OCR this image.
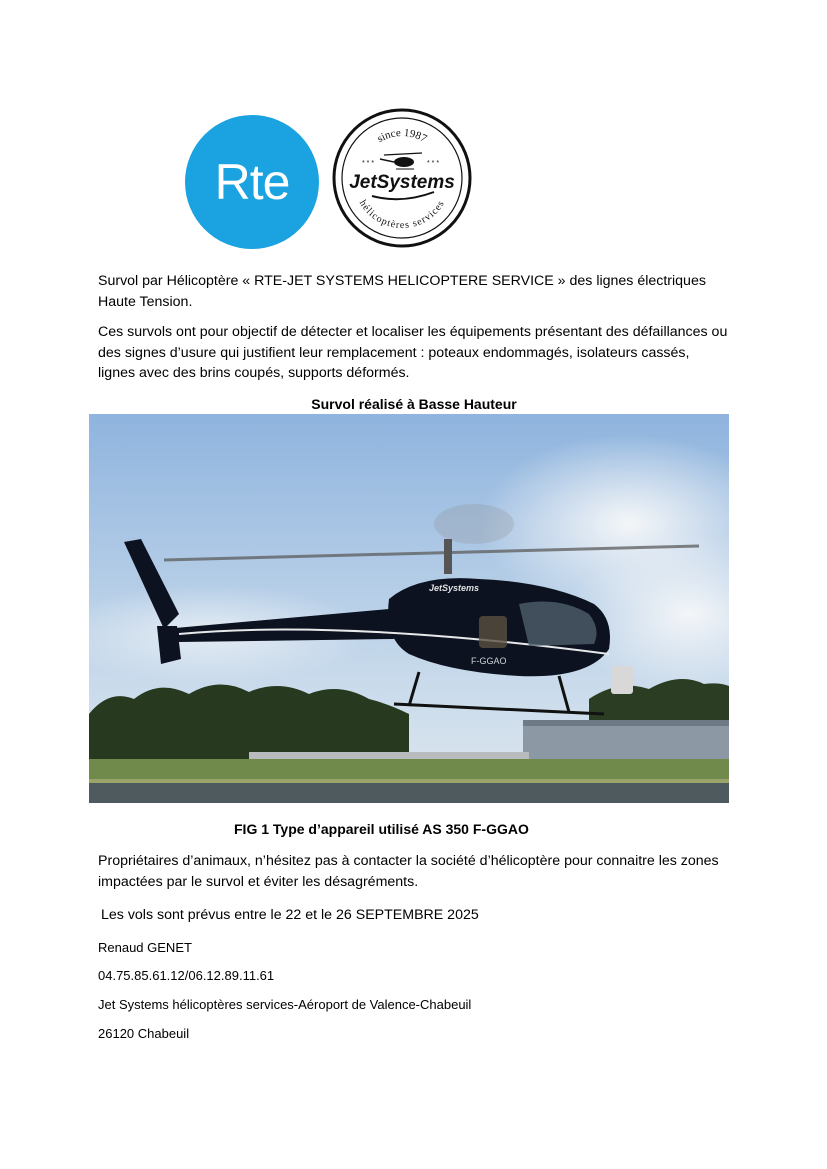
Rte
since 1987
hélicoptères services
* * *	* * *
JetSystems
Survol par Hélicoptère « RTE-JET SYSTEMS HELICOPTERE SERVICE » des lignes électriques Haute Tension.
Ces survols ont pour objectif de détecter et localiser les équipements présentant des défaillances ou des signes d’usure qui justifient leur remplacement : poteaux endommagés, isolateurs cassés, lignes avec des brins coupés, supports déformés.
Survol réalisé à Basse Hauteur
JetSystems
F-GGAO
FIG 1 Type d’appareil utilisé AS 350 F-GGAO
Propriétaires d’animaux, n’hésitez pas à contacter la société d’hélicoptère pour connaitre les zones impactées par le survol et éviter les désagréments.
Les vols sont prévus entre le 22 et le 26 SEPTEMBRE 2025
Renaud GENET
04.75.85.61.12/06.12.89.11.61
Jet Systems hélicoptères services-Aéroport de Valence-Chabeuil
26120 Chabeuil
